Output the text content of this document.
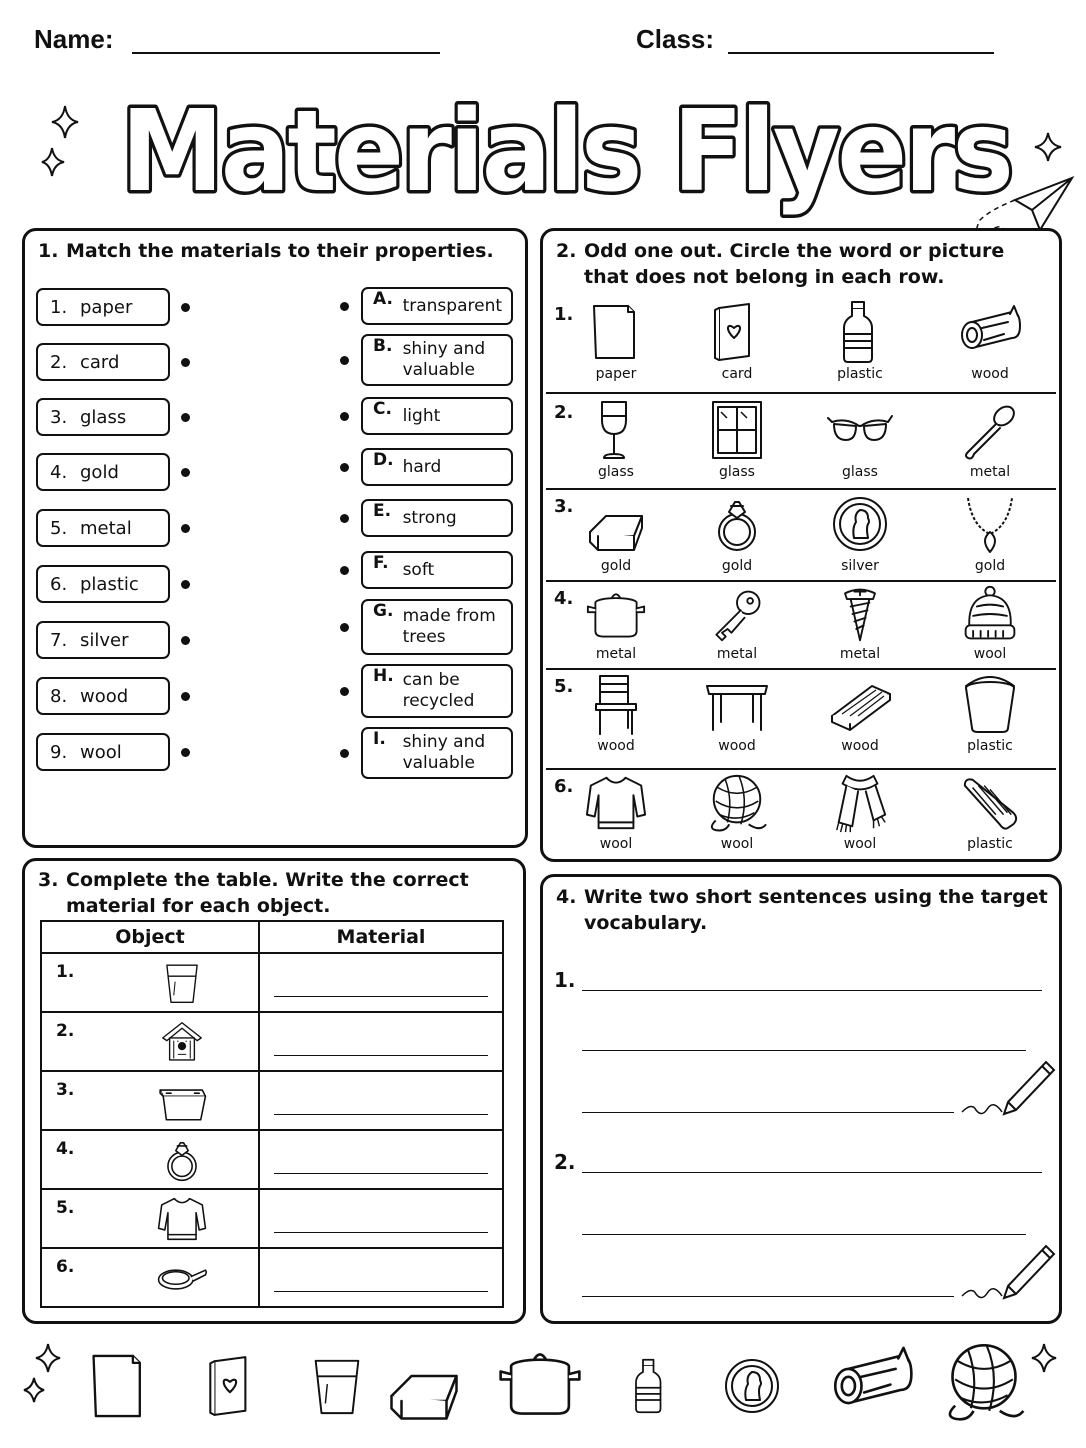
Name:	Class:
Materials Flyers
1. Match the materials to their properties.
1. paper
2. card
3. glass
4. gold
5. metal
6. plastic
7. silver
8. wood
9. wool
A. transparent
B. shiny and valuable
C. light
D. hard
E. strong
F. soft
G. made from trees
H. can be recycled
I. shiny and valuable
2. Odd one out. Circle the word or picture
that does not belong in each row.
1.
paper	card	plastic	wood
2.
glass	glass	glass	metal
3.
gold	gold	silver	gold
4.
metal	metal	metal	wool
5.
wood	wood	wood	plastic
6.
wool	wool	wool	plastic
3. Complete the table. Write the correct
material for each object.
Object	Material

1.	

2.	

3.	

4.	

5.	

6.	

4. Write two short sentences using the target
vocabulary.
1.
2.
